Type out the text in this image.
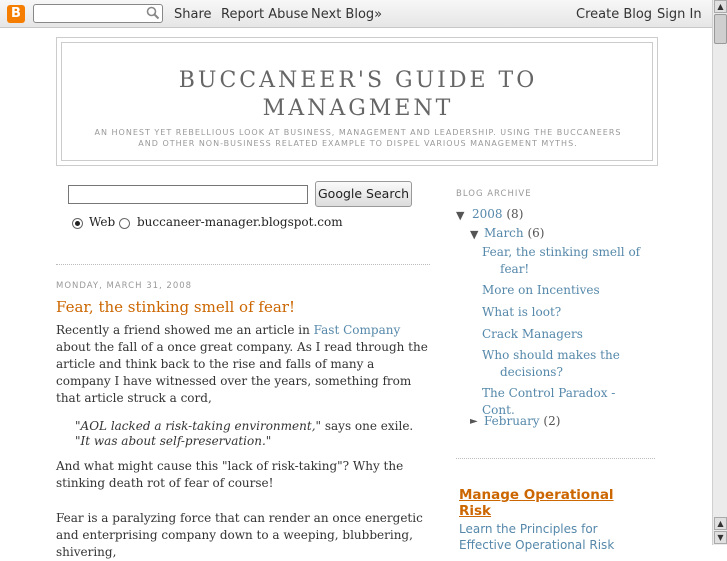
B	Share Report Abuse Next Blog»	Create Blog Sign In
▲
▲
▼
BUCCANEER'S GUIDE TO
MANAGMENT
AN HONEST YET REBELLIOUS LOOK AT BUSINESS, MANAGEMENT AND LEADERSHIP. USING THE BUCCANEERS AND OTHER NON-BUSINESS RELATED EXAMPLE TO DISPEL VARIOUS MANAGEMENT MYTHS.
Google Search
Web buccaneer-manager.blogspot.com
MONDAY, MARCH 31, 2008
Fear, the stinking smell of fear!
Recently a friend showed me an article in Fast Company about the fall of a once great company. As I read through the article and think back to the rise and falls of many a company I have witnessed over the years, something from that article struck a cord,
"AOL lacked a risk-taking environment," says one exile. "It was about self-preservation."
And what might cause this "lack of risk-taking"? Why the stinking death rot of fear of course!
Fear is a paralyzing force that can render an once energetic and enterprising company down to a weeping, blubbering, shivering,
BLOG ARCHIVE
▼ 2008 (8)
▼ March (6)
Fear, the stinking smell of
fear!
More on Incentives
What is loot?
Crack Managers
Who should makes the
decisions?
The Control Paradox - Cont.
► February (2)
Manage Operational Risk
Learn the Principles for Effective Operational Risk
